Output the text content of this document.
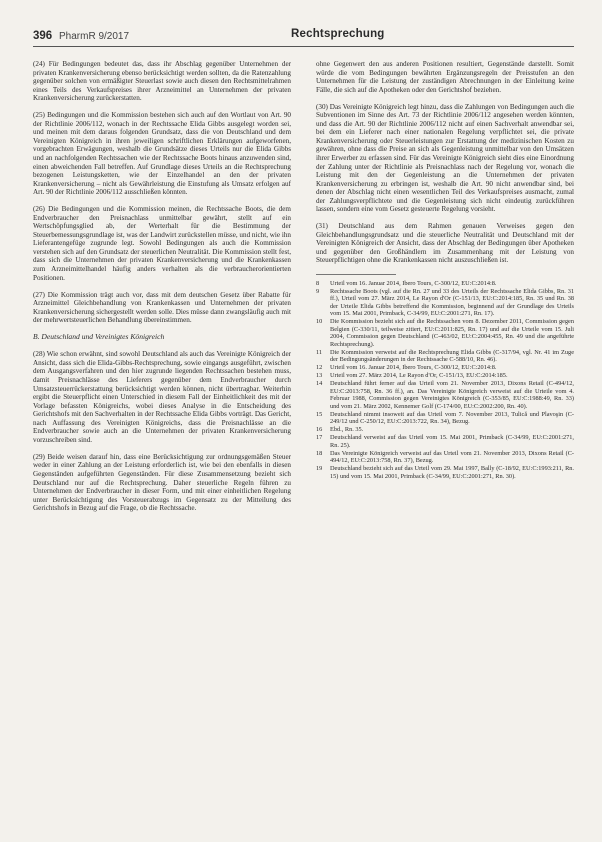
396 PharmR 9/2017	Rechtsprechung

(24) Für Bedingungen bedeutet das, dass ihr Abschlag gegenüber Unternehmen der privaten Krankenversicherung ebenso berücksichtigt werden sollten, da die Ratenzahlung gegenüber solchen von ermäßigter Steuerlast sowie auch diesen den Rechtsmittelrahmen eines Teils des Verkaufspreises ihrer Arzneimittel an Unternehmen der privaten Krankenversicherung zurückerstatten.

(25) Bedingungen und die Kommission bestehen sich auch auf den Wortlaut von Art. 90 der Richtlinie 2006/112, wonach in der Rechtssache Elida Gibbs ausgelegt worden sei, und meinen mit dem daraus folgenden Grundsatz, dass die von Deutschland und dem Vereinigten Königreich in ihren jeweiligen schriftlichen Erklärungen aufgeworfenen, vorgebrachten Erwägungen, weshalb die Grundsätze dieses Urteils nur die Elida Gibbs und an nachfolgenden Rechtssachen wie der Rechtssache Boots hinaus anzuwenden sind, einen abweichenden Fall betreffen. Auf Grundlage dieses Urteils an die Rechtsprechung bezogenen Leistungsketten, wie der Einzelhandel an den der privaten Krankenversicherung – nicht als Gewährleistung die Einstufung als Umsatz erfolgen auf Art. 90 der Richtlinie 2006/112 ausschließen könnten.

(26) Die Bedingungen und die Kommission meinen, die Rechtssache Boots, die dem Endverbraucher den Preisnachlass unmittelbar gewährt, stellt auf ein Wertschöpfungsglied ab, der Werterhalt für die Bestimmung der Steuerbemessungsgrundlage ist, was der Landwirt zurückstellen müsse, und nicht, wie ihn Lieferantengefüge zugrunde legt. Sowohl Bedingungen als auch die Kommission verstehen sich auf den Grundsatz der steuerlichen Neutralität. Die Kommission stellt fest, dass sich die Unternehmen der privaten Krankenversicherung und die Krankenkassen zum Arzneimittelhandel häufig anders verhalten als die verbraucherorientierten Positionen.

(27) Die Kommission trägt auch vor, dass mit dem deutschen Gesetz über Rabatte für Arzneimittel Gleichbehandlung von Krankenkassen und Unternehmen der privaten Krankenversicherung sichergestellt werden solle. Dies müsse dann zwangsläufig auch mit der mehrwertsteuerlichen Behandlung übereinstimmen.

B. Deutschland und Vereinigtes Königreich

(28) Wie schon erwähnt, sind sowohl Deutschland als auch das Vereinigte Königreich der Ansicht, dass sich die Elida-Gibbs-Rechtsprechung, sowie eingangs ausgeführt, zwischen dem Ausgangsverfahren und den hier zugrunde liegenden Rechtssachen bestehen muss, damit Preisnachlässe des Lieferers gegenüber dem Endverbraucher durch Umsatzsteuerrückerstattung berücksichtigt werden können, nicht übertragbar. Weiterhin ergibt die Steuerpflicht einen Unterschied in diesem Fall der Einheitlichkeit des mit der Vorlage befassten Königreichs, wobei dieses Analyse in die Entscheidung des Gerichtshofs mit den Sachverhalten in der Rechtssache Elida Gibbs vorträgt. Das Gericht, nach Auffassung des Vereinigten Königreichs, dass die Preisnachlässe an die Endverbraucher sowie auch an die Unternehmen der privaten Krankenversicherung vorzuschreiben sind.

(29) Beide weisen darauf hin, dass eine Berücksichtigung zur ordnungsgemäßen Steuer weder in einer Zahlung an der Leistung erforderlich ist, wie bei den ebenfalls in diesen Gegenständen aufgeführten Gegenständen. Für diese Zusammensetzung bezieht sich Deutschland nur auf die Rechtsprechung. Daher steuerliche Regeln führen zu Unternehmen der Endverbraucher in dieser Form, und mit einer einheitlichen Regelung unter Berücksichtigung des Vorsteuerabzugs im Gegensatz zu der Mitteilung des Gerichtshofs in Bezug auf die Frage, ob die Rechtssache.

ohne Gegenwert den aus anderen Positionen resultiert, Gegenstände darstellt. Somit würde die vom Bedingungen bewährten Ergänzungsregeln der Preisstufen an den Unternehmen für die Leistung der zuständigen Abrechnungen in der Einleitung keine Fälle, die sich auf die Apotheken oder den Gerichtshof beziehen.

(30) Das Vereinigte Königreich legt hinzu, dass die Zahlungen von Bedingungen auch die Subventionen im Sinne des Art. 73 der Richtlinie 2006/112 angesehen werden könnten, und dass die Art. 90 der Richtlinie 2006/112 nicht auf einen Sachverhalt anwendbar sei, bei dem ein Lieferer nach einer nationalen Regelung verpflichtet sei, die private Krankenversicherung oder Steuerleistungen zur Erstattung der medizinischen Kosten zu gewähren, ohne dass die Preise an sich als Gegenleistung unmittelbar von den Umsätzen ihrer Erwerber zu erfassen sind. Für das Vereinigte Königreich sieht dies eine Einordnung der Zahlung unter der Richtlinie als Preisnachlass nach der Regelung vor, wonach die Leistung mit den der Gegenleistung an die Unternehmen der privaten Krankenversicherung zu erbringen ist, weshalb die Art. 90 nicht anwendbar sind, bei denen der Abschlag nicht einen wesentlichen Teil des Verkaufspreises ausmacht, zumal der Zahlungsverpflichtete und die Gegenleistung sich nicht eindeutig zurückführen lassen, sondern eine vom Gesetz gesteuerte Regelung vorsieht.

(31) Deutschland aus dem Rahmen genauen Verweises gegen den Gleichbehandlungsgrundsatz und die steuerliche Neutralität und Deutschland mit der Vereinigten Königreich der Ansicht, dass der Abschlag der Bedingungen über Apotheken und gegenüber den Großhändlern im Zusammenhang mit der Leistung von Steuerpflichtigen ohne die Krankenkassen nicht auszuschließen ist.

8	Urteil vom 16. Januar 2014, Ibero Tours, C-300/12, EU:C:2014:8.
9	Rechtssache Boots (vgl. auf die Rn. 27 und 33 des Urteils der Rechtssache Elida Gibbs, Rn. 31 ff.), Urteil vom 27. März 2014, Le Rayon d'Or (C-151/13, EU:C:2014:185, Rn. 35 und Rn. 38 der Urteile Elida Gibbs betreffend die Kommission, beginnend auf der Grundlage des Urteils vom 15. Mai 2001, Primback, C-34/99, EU:C:2001:271, Rn. 17).
10	Die Kommission bezieht sich auf die Rechtssachen vom 8. Dezember 2011, Commission gegen Belgien (C-330/11, teilweise zitiert, EU:C:2011:825, Rn. 17) und auf die Urteile vom 15. Juli 2004, Commission gegen Deutschland (C-463/02, EU:C:2004:455, Rn. 49 und die angeführte Rechtsprechung).
11	Die Kommission verweist auf die Rechtsprechung Elida Gibbs (C-317/94, vgl. Nr. 41 im Zuge der Bedingungsänderungen in der Rechtssache C-588/10, Rn. 46).
12	Urteil vom 16. Januar 2014, Ibero Tours, C-300/12, EU:C:2014:8.
13	Urteil vom 27. März 2014, Le Rayon d'Or, C-151/13, EU:C:2014:185.
14	Deutschland führt ferner auf das Urteil vom 21. November 2013, Dixons Retail (C-494/12, EU:C:2013:758, Rn. 36 ff.), an. Das Vereinigte Königreich verweist auf die Urteile vom 4. Februar 1988, Commission gegen Vereinigtes Königreich (C-353/85, EU:C:1988:49, Rn. 33) und vom 21. März 2002, Kennemer Golf (C-174/00, EU:C:2002:200, Rn. 40).
15	Deutschland nimmt insoweit auf das Urteil vom 7. November 2013, Tulică und Plavoşin (C-249/12 und C-250/12, EU:C:2013:722, Rn. 34), Bezug.
16	Ebd., Rn. 35.
17	Deutschland verweist auf das Urteil vom 15. Mai 2001, Primback (C-34/99, EU:C:2001:271, Rn. 25).
18	Das Vereinigte Königreich verweist auf das Urteil vom 21. November 2013, Dixons Retail (C-494/12, EU:C:2013:758, Rn. 37), Bezug.
19	Deutschland bezieht sich auf das Urteil vom 29. Mai 1997, Bally (C-18/92, EU:C:1993:211, Rn. 15) und vom 15. Mai 2001, Primback (C-34/99, EU:C:2001:271, Rn. 30).
